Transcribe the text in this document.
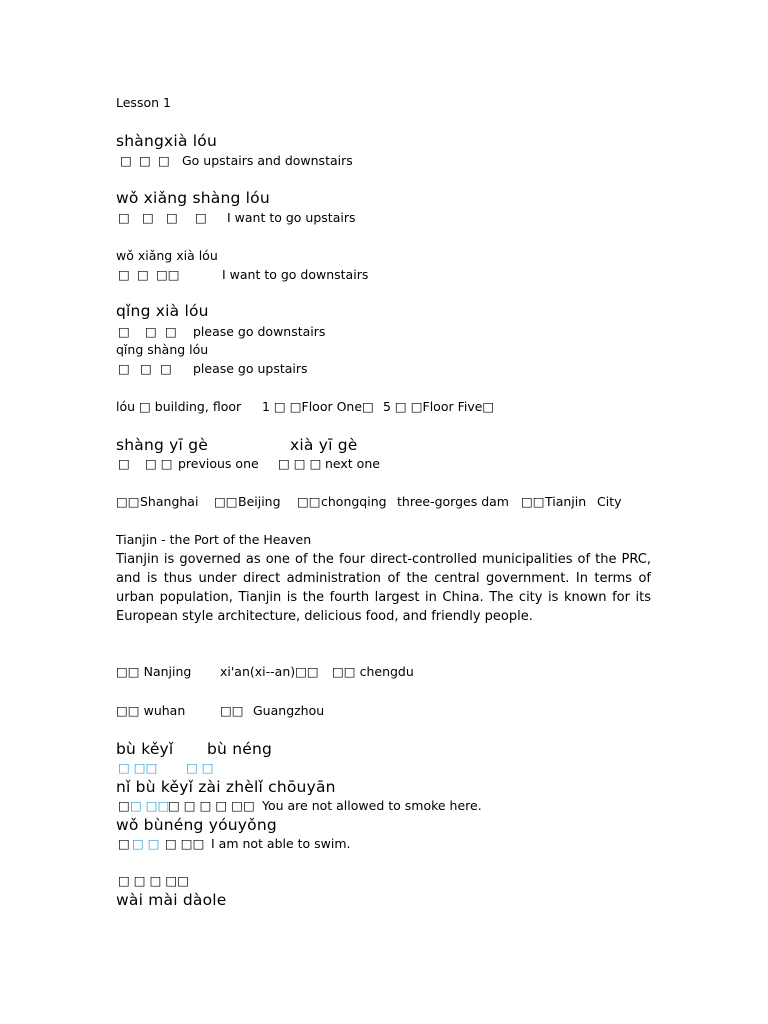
Lesson 1
shàngxià lóu
□ □ □ Go upstairs and downstairs
wǒ xiǎng shàng lóu
□ □ □ □ I want to go upstairs
wǒ xiǎng xià lóu
□ □ □□	I want to go downstairs
qǐng xià lóu
□ □ □ please go downstairs
qǐng shàng lóu
□ □ □ please go upstairs
lóu □ building, floor 1 □ □Floor One□ 5 □ □Floor Five□
shàng yī gè	xià yī gè
□ □ □ previous one □ □ □ next one
□□ Shanghai □□ Beijing □□ chongqing three-gorges dam □□ Tianjin City
Tianjin - the Port of the Heaven
Tianjin is governed as one of the four direct-controlled municipalities of the PRC, and is thus under direct administration of the central government. In terms of urban population, Tianjin is the fourth largest in China. The city is known for its European style architecture, delicious food, and friendly people.
□□ Nanjing xi'an(xi--an)□□ □□ chengdu
□□ wuhan	□□ Guangzhou
bù kěyǐ bù néng
□ □□ □ □
nǐ bù kěyǐ zài zhèlǐ chōuyān
□ □ □□
□ □ □ □ □□ You are not allowed to smoke here.
wǒ bùnéng yóuyǒng
□ □ □ □ □□ I am not able to swim.
□ □ □ □□
wài mài dàole
